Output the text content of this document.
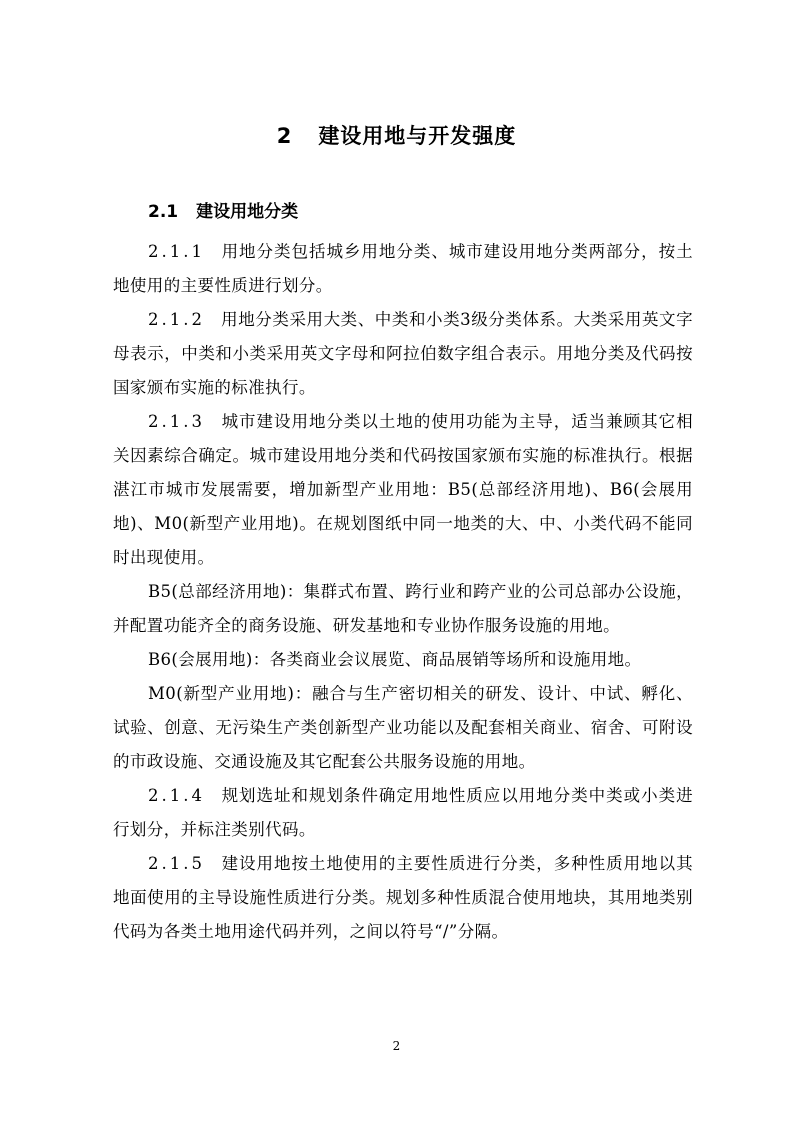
2 建设用地与开发强度
2.1 建设用地分类

2.1.1 用地分类包括城乡用地分类、城市建设用地分类两部分，按土地使用的主要性质进行划分。

2.1.2 用地分类采用大类、中类和小类3级分类体系。大类采用英文字母表示，中类和小类采用英文字母和阿拉伯数字组合表示。用地分类及代码按国家颁布实施的标准执行。

2.1.3 城市建设用地分类以土地的使用功能为主导，适当兼顾其它相关因素综合确定。城市建设用地分类和代码按国家颁布实施的标准执行。根据湛江市城市发展需要，增加新型产业用地：B5(总部经济用地)、B6(会展用地)、M0(新型产业用地)。在规划图纸中同一地类的大、中、小类代码不能同时出现使用。

B5(总部经济用地)：集群式布置、跨行业和跨产业的公司总部办公设施，并配置功能齐全的商务设施、研发基地和专业协作服务设施的用地。

B6(会展用地)：各类商业会议展览、商品展销等场所和设施用地。

M0(新型产业用地)：融合与生产密切相关的研发、设计、中试、孵化、试验、创意、无污染生产类创新型产业功能以及配套相关商业、宿舍、可附设的市政设施、交通设施及其它配套公共服务设施的用地。

2.1.4 规划选址和规划条件确定用地性质应以用地分类中类或小类进行划分，并标注类别代码。

2.1.5 建设用地按土地使用的主要性质进行分类，多种性质用地以其地面使用的主导设施性质进行分类。规划多种性质混合使用地块，其用地类别代码为各类土地用途代码并列，之间以符号“/”分隔。

2
